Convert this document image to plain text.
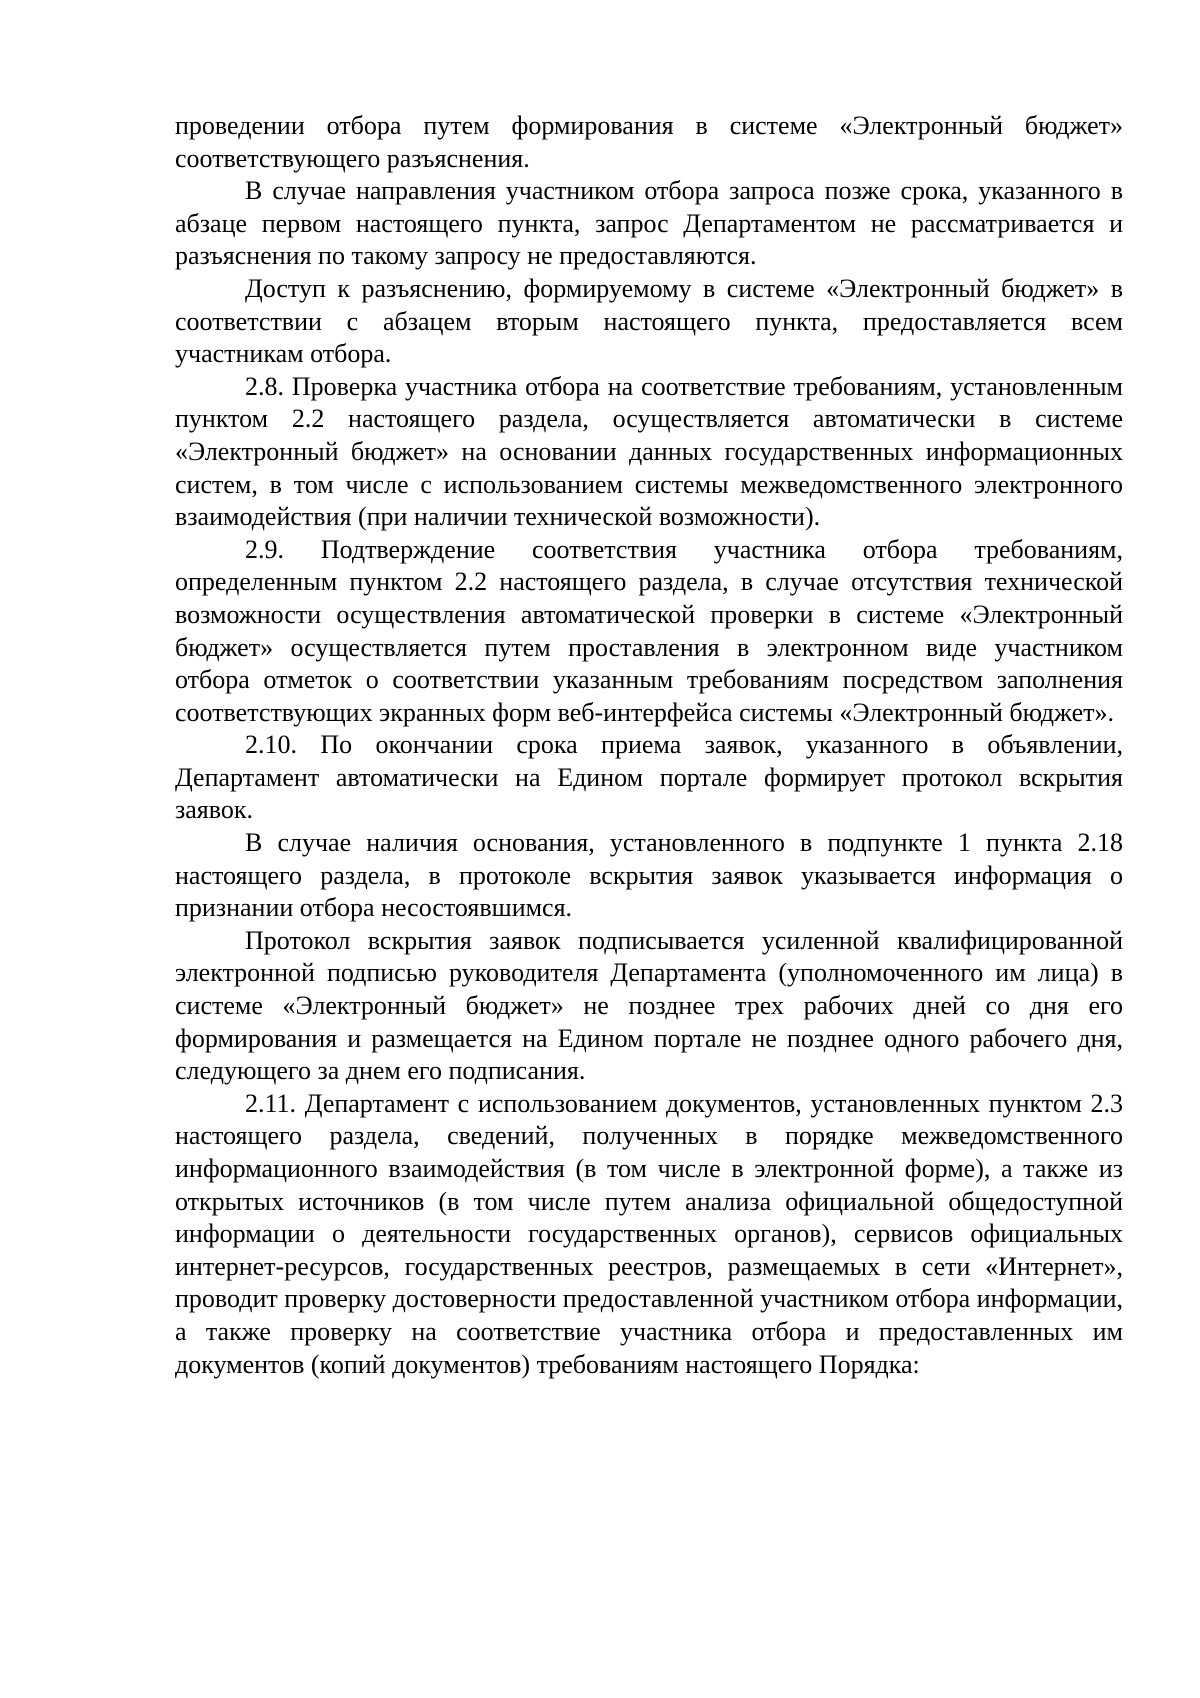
проведении отбора путем формирования в системе «Электронный бюджет» соответствующего разъяснения.

В случае направления участником отбора запроса позже срока, указанного в абзаце первом настоящего пункта, запрос Департаментом не рассматривается и разъяснения по такому запросу не предоставляются.

Доступ к разъяснению, формируемому в системе «Электронный бюджет» в соответствии с абзацем вторым настоящего пункта, предоставляется всем участникам отбора.

2.8. Проверка участника отбора на соответствие требованиям, установленным пунктом 2.2 настоящего раздела, осуществляется автоматически в системе «Электронный бюджет» на основании данных государственных информационных систем, в том числе с использованием системы межведомственного электронного взаимодействия (при наличии технической возможности).

2.9. Подтверждение соответствия участника отбора требованиям, определенным пунктом 2.2 настоящего раздела, в случае отсутствия технической возможности осуществления автоматической проверки в системе «Электронный бюджет» осуществляется путем проставления в электронном виде участником отбора отметок о соответствии указанным требованиям посредством заполнения соответствующих экранных форм веб-интерфейса системы «Электронный бюджет».

2.10. По окончании срока приема заявок, указанного в объявлении, Департамент автоматически на Едином портале формирует протокол вскрытия заявок.

В случае наличия основания, установленного в подпункте 1 пункта 2.18 настоящего раздела, в протоколе вскрытия заявок указывается информация о признании отбора несостоявшимся.

Протокол вскрытия заявок подписывается усиленной квалифицированной электронной подписью руководителя Департамента (уполномоченного им лица) в системе «Электронный бюджет» не позднее трех рабочих дней со дня его формирования и размещается на Едином портале не позднее одного рабочего дня, следующего за днем его подписания.

2.11. Департамент с использованием документов, установленных пунктом 2.3 настоящего раздела, сведений, полученных в порядке межведомственного информационного взаимодействия (в том числе в электронной форме), а также из открытых источников (в том числе путем анализа официальной общедоступной информации о деятельности государственных органов), сервисов официальных интернет-ресурсов, государственных реестров, размещаемых в сети «Интернет», проводит проверку достоверности предоставленной участником отбора информации, а также проверку на соответствие участника отбора и предоставленных им документов (копий документов) требованиям настоящего Порядка:
